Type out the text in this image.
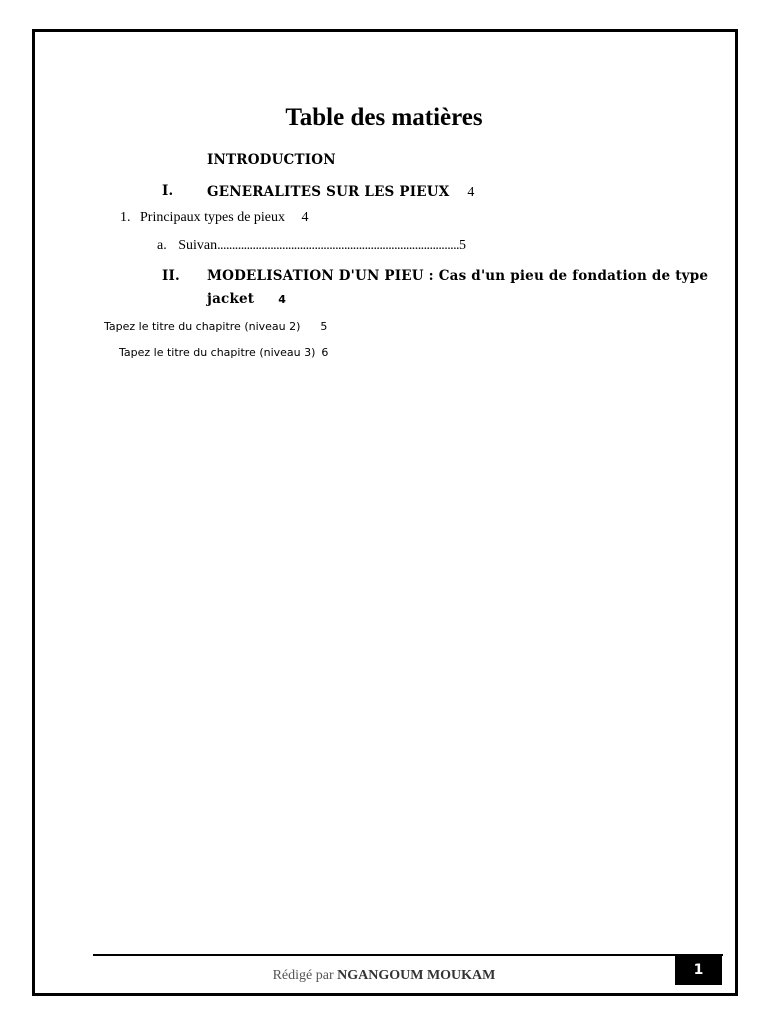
Table des matières
INTRODUCTION
I. GENERALITES SUR LES PIEUX 4
1. Principaux types de pieux 4
a. Suivan..................................................................................5
II. MODELISATION D'UN PIEU : Cas d'un pieu de fondation de type
jacket 4
Tapez le titre du chapitre (niveau 2) 5
Tapez le titre du chapitre (niveau 3) 6
1
Rédigé par NGANGOUM MOUKAM
